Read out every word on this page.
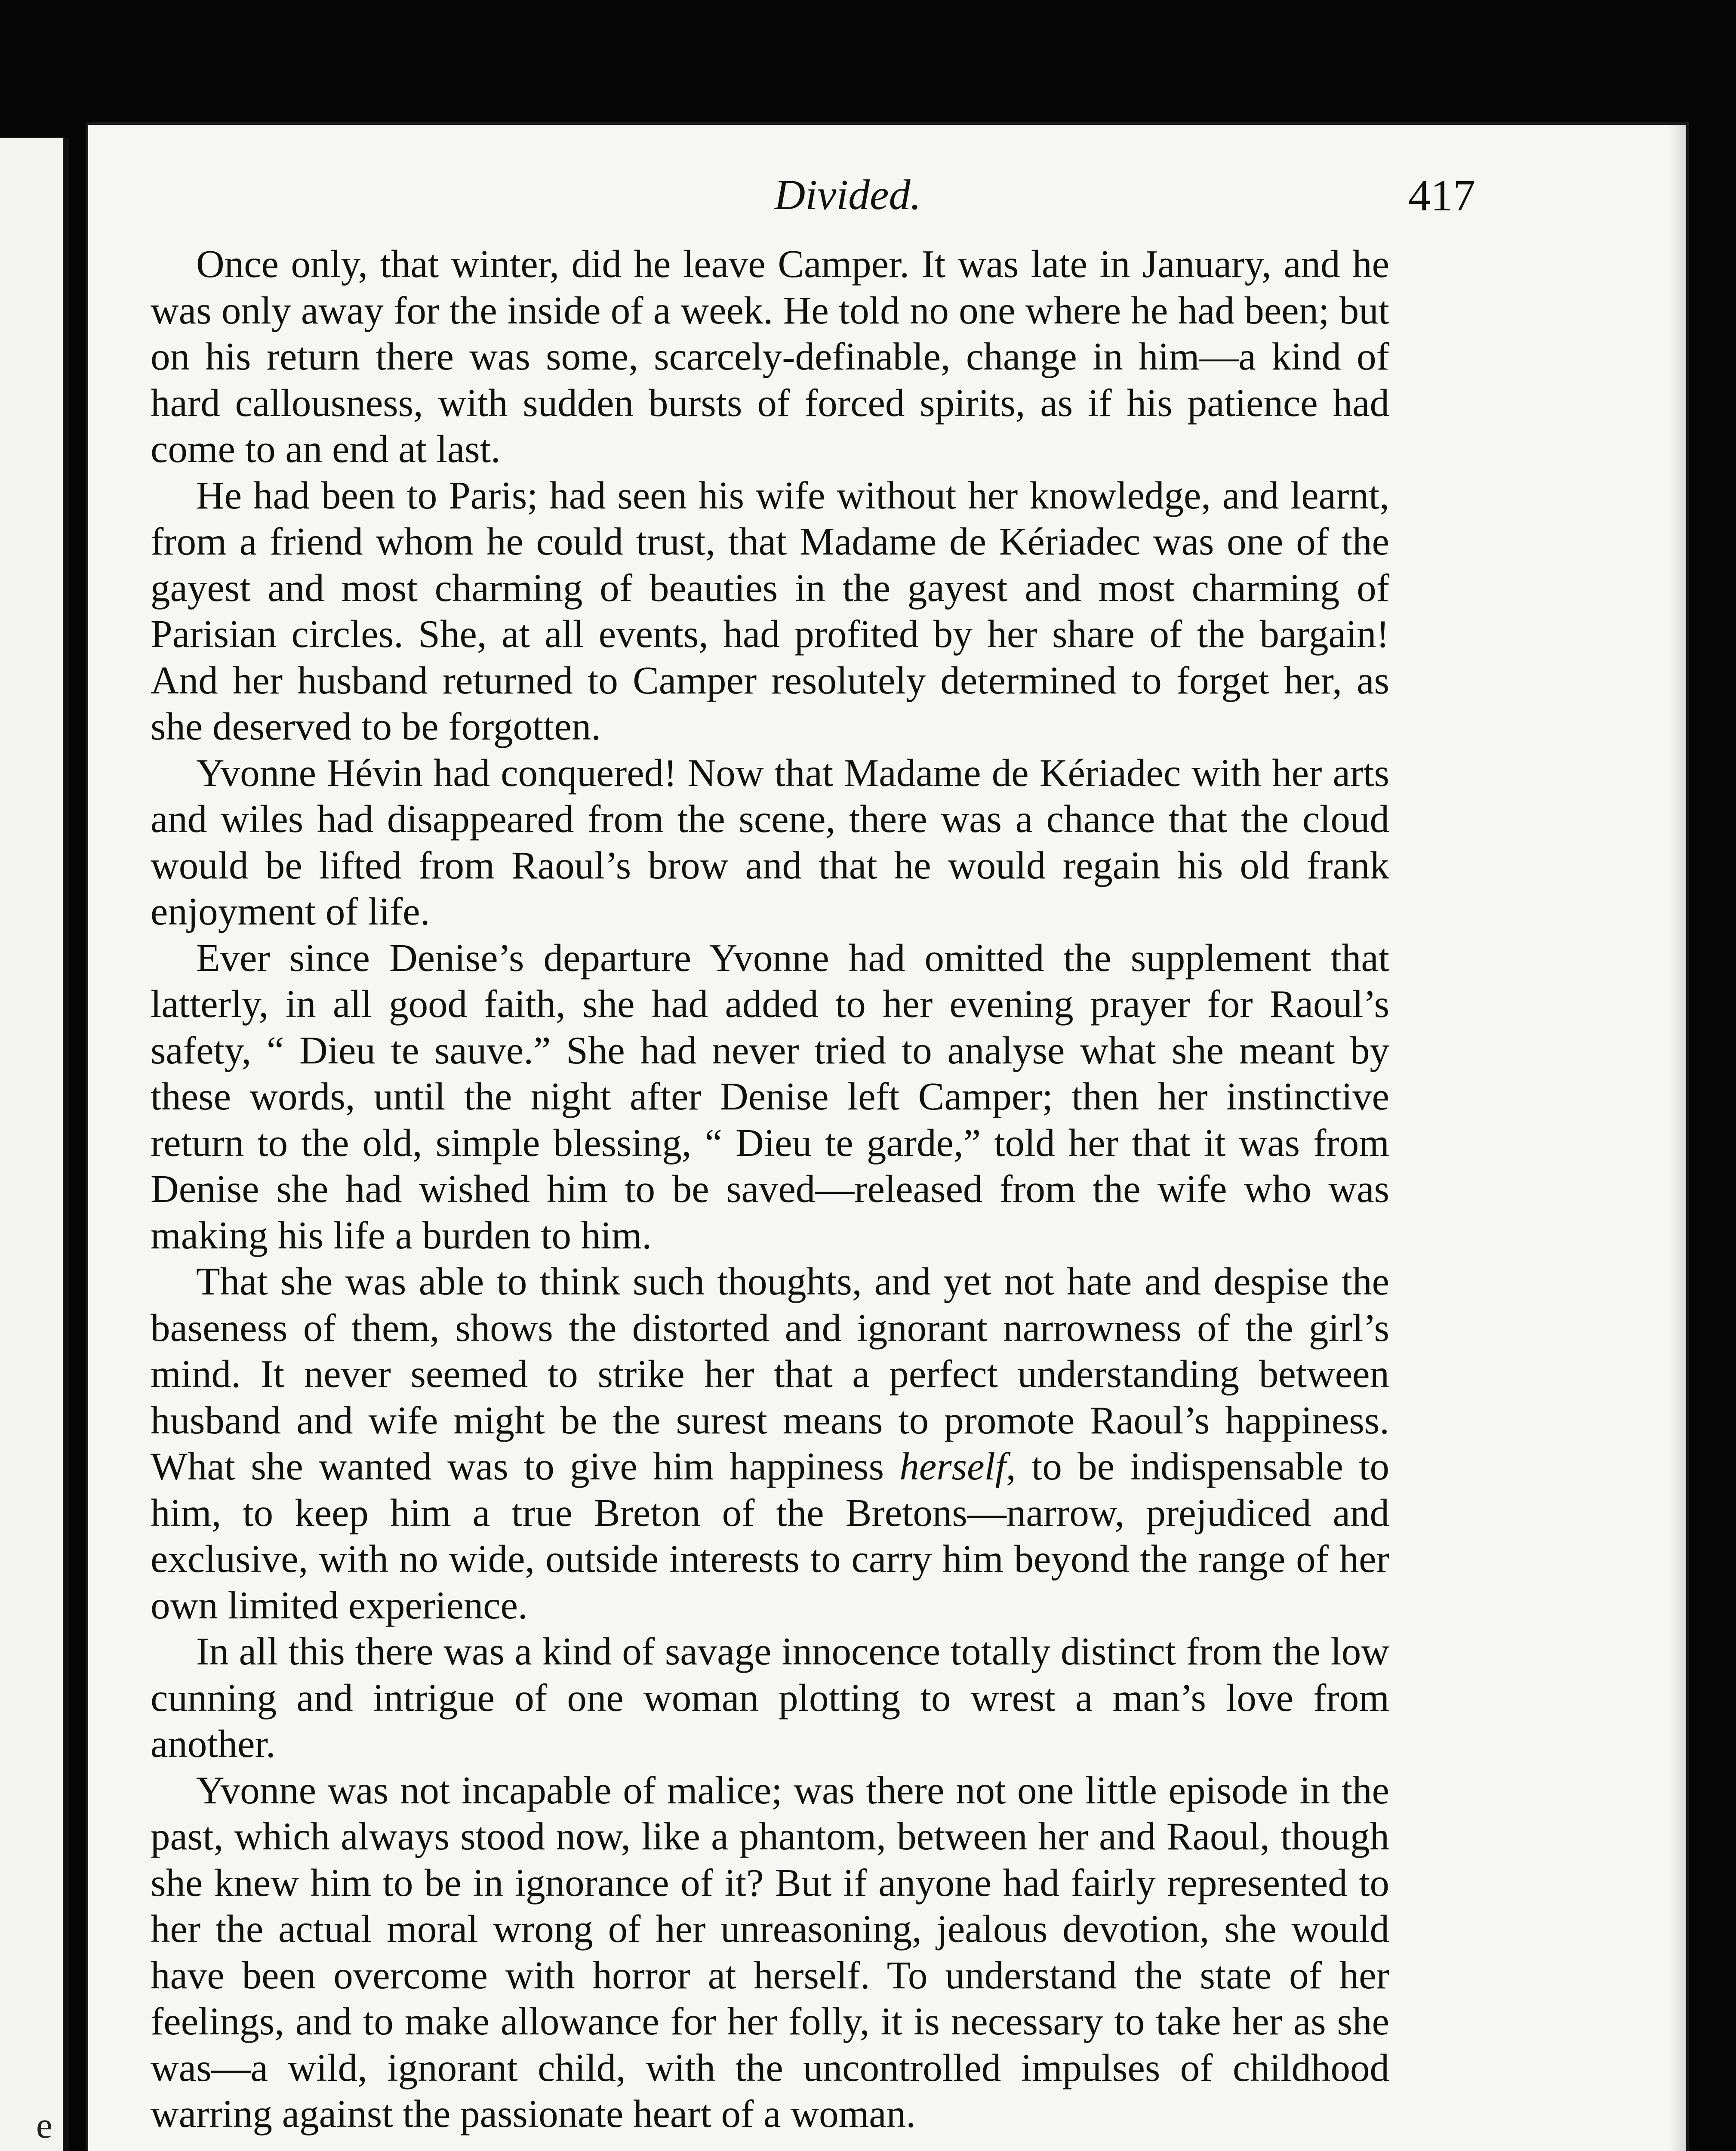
e
Divided.	417

Once only, that winter, did he leave Camper. It was late in January, and he was only away for the inside of a week. He told no one where he had been; but on his return there was some, scarcely-definable, change in him—a kind of hard callousness, with sudden bursts of forced spirits, as if his patience had come to an end at last.

He had been to Paris; had seen his wife without her knowledge, and learnt, from a friend whom he could trust, that Madame de Kériadec was one of the gayest and most charming of beauties in the gayest and most charming of Parisian circles. She, at all events, had profited by her share of the bargain! And her husband returned to Camper resolutely determined to forget her, as she deserved to be forgotten.

Yvonne Hévin had conquered! Now that Madame de Kériadec with her arts and wiles had disappeared from the scene, there was a chance that the cloud would be lifted from Raoul’s brow and that he would regain his old frank enjoyment of life.

Ever since Denise’s departure Yvonne had omitted the supplement that latterly, in all good faith, she had added to her evening prayer for Raoul’s safety, “ Dieu te sauve.” She had never tried to analyse what she meant by these words, until the night after Denise left Camper; then her instinctive return to the old, simple blessing, “ Dieu te garde,” told her that it was from Denise she had wished him to be saved—released from the wife who was making his life a burden to him.

That she was able to think such thoughts, and yet not hate and despise the baseness of them, shows the distorted and ignorant narrowness of the girl’s mind. It never seemed to strike her that a perfect understanding between husband and wife might be the surest means to promote Raoul’s happiness. What she wanted was to give him happiness herself, to be indispensable to him, to keep him a true Breton of the Bretons—narrow, prejudiced and exclusive, with no wide, outside interests to carry him beyond the range of her own limited experience.

In all this there was a kind of savage innocence totally distinct from the low cunning and intrigue of one woman plotting to wrest a man’s love from another.

Yvonne was not incapable of malice; was there not one little episode in the past, which always stood now, like a phantom, between her and Raoul, though she knew him to be in ignorance of it? But if anyone had fairly represented to her the actual moral wrong of her unreasoning, jealous devotion, she would have been overcome with horror at herself. To understand the state of her feelings, and to make allowance for her folly, it is necessary to take her as she was—a wild, ignorant child, with the uncontrolled impulses of childhood warring against the passionate heart of a woman.
